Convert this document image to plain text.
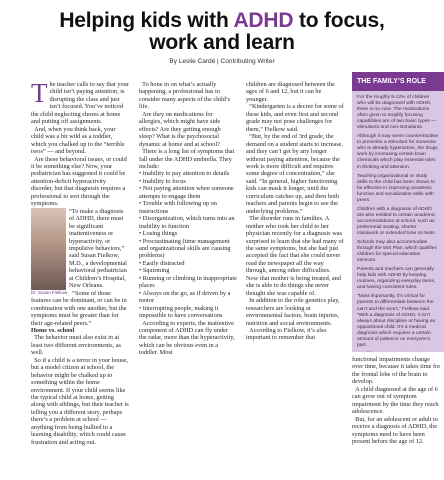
Helping kids with ADHD to focus,
work and learn
By Leslie Cardé | Contributing Writer

The teacher calls to say that your child isn’t paying attention, is disrupting the class and just isn’t focused. You’ve noticed the child neglecting chores at home and putting off assignments.

And, when you think back, your child was a bit wild as a toddler, which you chalked up to the “terrible twos” — and beyond.

Are these behavioral issues, or could it be something else? Now, your pediatrician has suggested it could be attention-deficit hyperactivity disorder, but that diagnosis requires a professional to sort through the symptoms.

Dr. Susan Fielkow
“To make a diagnosis of ADHD, there must be significant inattentiveness or hyperactivity, or impulsive behaviors,” said Susan Fielkow, M.D., a developmental behavioral pediatrician at Children’s Hospital, New Orleans.

“Some of those features can be dominant, or can be in combination with one another, but the symptoms must be greater than for their age-related peers.”

Home vs. school

The behavior must also exist in at least two different environments, as well.

So if a child is a terror in your house, but a model citizen at school, the behavior might be chalked up to something within the home environment. If your child seems like the typical child at home, getting along with siblings, but their teacher is telling you a different story, perhaps there’s a problem at school — anything from being bullied to a learning disability, which could cause frustration and acting out.

To hone in on what’s actually happening, a professional has to consider many aspects of the child’s life.

Are they on medications for allergies, which might have side effects? Are they getting enough sleep? What is the psychosocial dynamic at home and at school?

There is a long list of symptoms that fall under the ADHD umbrella. They include:

• Inability to pay attention to details

• Inability to focus

• Not paying attention when someone attempts to engage them

• Trouble with following up on instructions

• Disorganization, which turns into an inability to function

• Losing things

• Procrastinating (time management and organizational skills are causing problems)

• Easily distracted

• Squirming

• Running or climbing in inappropriate places

• Always on the go, as if driven by a motor

• Interrupting people, making it impossible to have conversations

According to experts, the inattentive component of ADHD can fly under the radar, more than the hyperactivity, which can be obvious even in a toddler. Most

children are diagnosed between the ages of 6 and 12, but it can be younger.

“Kindergarten is a decree for some of these kids, and even first and second grade may not pose challenges for them,” Fielkow said.

“But, by the end of 3rd grade, the demand on a student starts to increase, and they can’t get by any longer without paying attention, because the work is more difficult and requires some degree of concentration,” she said. “In general, higher functioning kids can mask it longer, until the curriculum catches up, and then both teachers and parents begin to see the underlying problems.”

The disorder runs in families. A mother who took her child to her physician recently for a diagnosis was surprised to learn that she had many of the same symptoms, but she had just accepted the fact that she could never read the newspaper all the way through, among other difficulties. Now that mother is being treated, and she is able to do things she never thought she was capable of.

In addition to the role genetics play, researchers are looking at environmental factors, brain injuries, nutrition and social environments.

According to Fielkow, it’s also important to remember that

THE FAMILY’S ROLE

For the roughly 5-12% of children who will be diagnosed with ADHD, there is no cure. The medications often given to amplify focusing capabilities are of two basic types — stimulants and non-stimulants.

Although it may seem counterintuitive to prescribe a stimulant for someone who is already hyperactive, the drugs work by increasing certain brain chemicals which play essential roles in thinking and attention.

Teaching organizational or study skills to the child has been shown to be effective in improving academic function and socialization skills with peers.

Children with a diagnosis of ADHD are also entitled to certain academic accommodations at school, such as preferential seating, shorter classwork or extended time on tests.

Schools may also accommodate through the 504 Plan, which qualifies children for special education services.

Parents and teachers can generally help kids with ADHD by keeping routines, organizing everyday items, and having consistent rules.

“Most importantly, it’s critical for parents to differentiate between the can’t and the won’t,” Fielkow said. “With a diagnosis of ADHD, it isn’t always about discipline or having an oppositional child. It’s a medical diagnosis which requires a certain amount of patience on everyone’s part.

functional impairments change over time, because it takes time for the frontal lobe of the brain to develop.

A child diagnosed at the age of 6 can grow out of symptom impairment by the time they reach adolescence.

But, for an adolescent or adult to receive a diagnosis of ADHD, the symptoms need to have been present before the age of 12.
